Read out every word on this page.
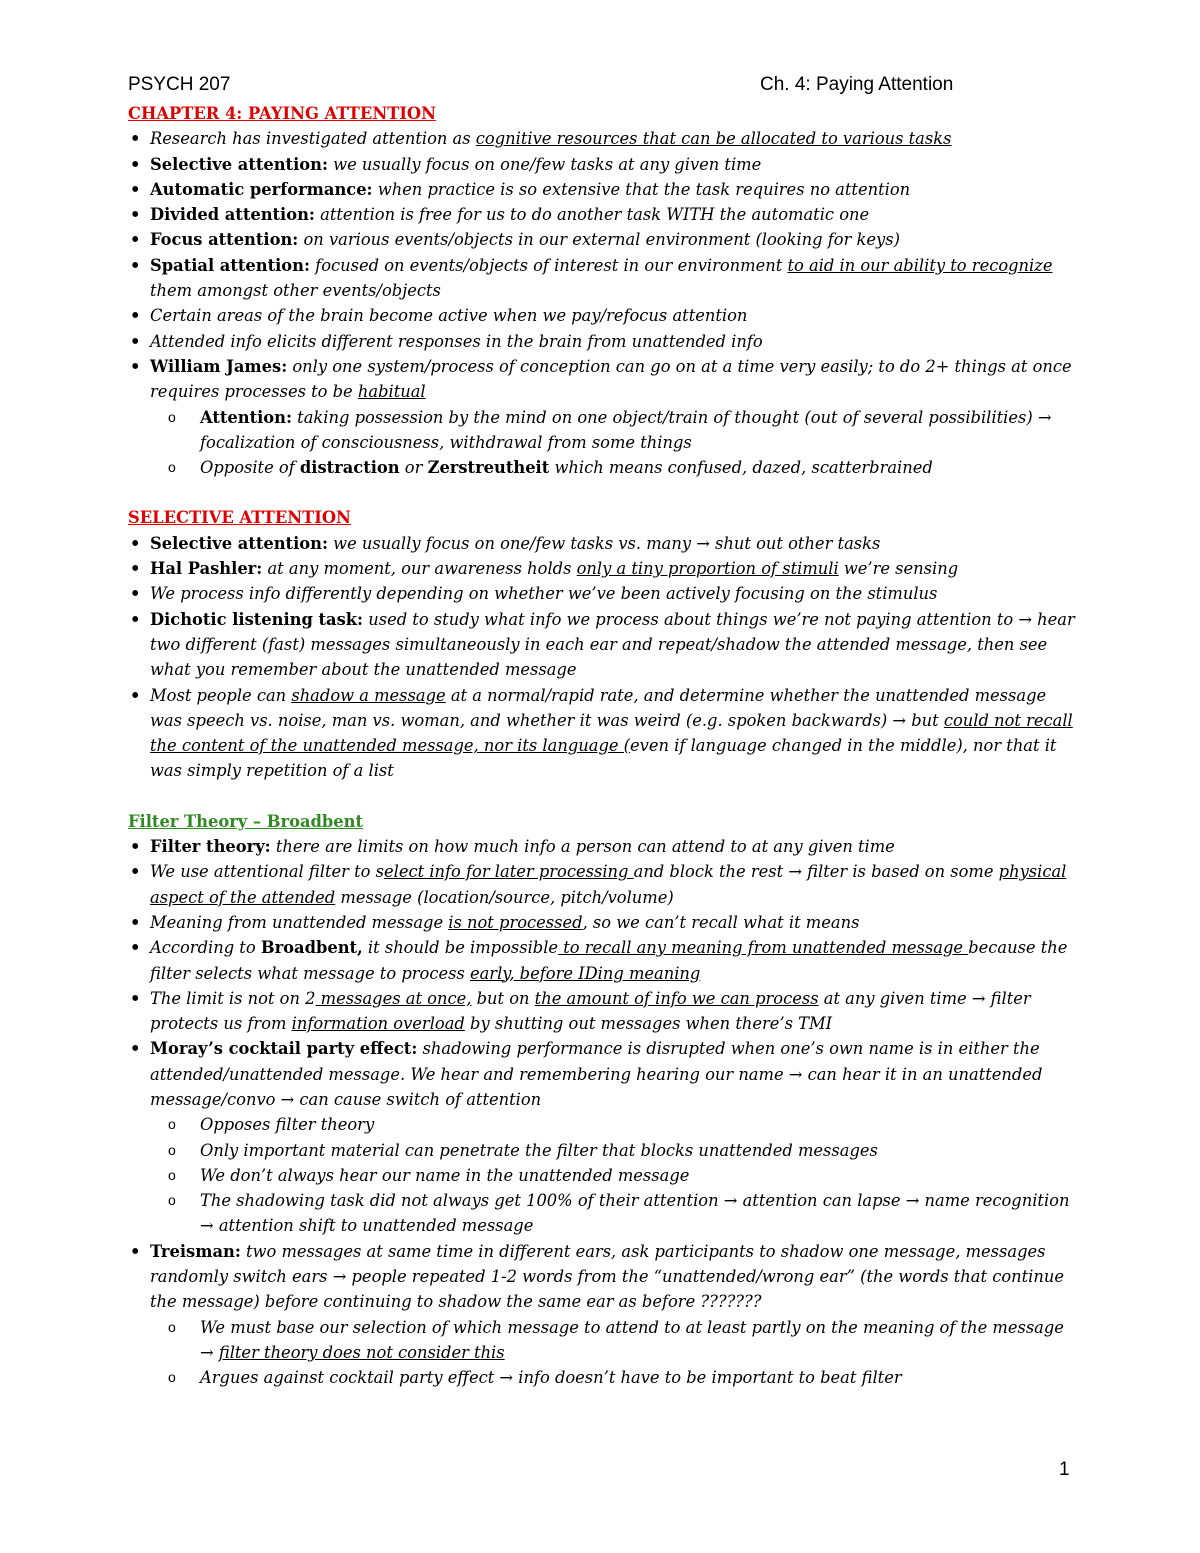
PSYCH 207	Ch. 4: Paying Attention
CHAPTER 4: PAYING ATTENTION
• Research has investigated attention as cognitive resources that can be allocated to various tasks
• Selective attention: we usually focus on one/few tasks at any given time
• Automatic performance: when practice is so extensive that the task requires no attention
• Divided attention: attention is free for us to do another task WITH the automatic one
• Focus attention: on various events/objects in our external environment (looking for keys)
• Spatial attention: focused on events/objects of interest in our environment to aid in our ability to recognize them amongst other events/objects
• Certain areas of the brain become active when we pay/refocus attention
• Attended info elicits different responses in the brain from unattended info
• William James: only one system/process of conception can go on at a time very easily; to do 2+ things at once requires processes to be habitual
o Attention: taking possession by the mind on one object/train of thought (out of several possibilities) → focalization of consciousness, withdrawal from some things
o Opposite of distraction or Zerstreutheit which means confused, dazed, scatterbrained
SELECTIVE ATTENTION
• Selective attention: we usually focus on one/few tasks vs. many → shut out other tasks
• Hal Pashler: at any moment, our awareness holds only a tiny proportion of stimuli we’re sensing
• We process info differently depending on whether we’ve been actively focusing on the stimulus
• Dichotic listening task: used to study what info we process about things we’re not paying attention to → hear two different (fast) messages simultaneously in each ear and repeat/shadow the attended message, then see what you remember about the unattended message
• Most people can shadow a message at a normal/rapid rate, and determine whether the unattended message was speech vs. noise, man vs. woman, and whether it was weird (e.g. spoken backwards) → but could not recall the content of the unattended message, nor its language (even if language changed in the middle), nor that it was simply repetition of a list
Filter Theory – Broadbent
• Filter theory: there are limits on how much info a person can attend to at any given time
• We use attentional filter to select info for later processing and block the rest → filter is based on some physical aspect of the attended message (location/source, pitch/volume)
• Meaning from unattended message is not processed, so we can’t recall what it means
• According to Broadbent, it should be impossible to recall any meaning from unattended message because the filter selects what message to process early, before IDing meaning
• The limit is not on 2 messages at once, but on the amount of info we can process at any given time → filter protects us from information overload by shutting out messages when there’s TMI
• Moray’s cocktail party effect: shadowing performance is disrupted when one’s own name is in either the attended/unattended message. We hear and remembering hearing our name → can hear it in an unattended message/convo → can cause switch of attention
o Opposes filter theory
o Only important material can penetrate the filter that blocks unattended messages
o We don’t always hear our name in the unattended message
o The shadowing task did not always get 100% of their attention → attention can lapse → name recognition → attention shift to unattended message
• Treisman: two messages at same time in different ears, ask participants to shadow one message, messages randomly switch ears → people repeated 1-2 words from the “unattended/wrong ear” (the words that continue the message) before continuing to shadow the same ear as before ???????
o We must base our selection of which message to attend to at least partly on the meaning of the message → filter theory does not consider this
o Argues against cocktail party effect → info doesn’t have to be important to beat filter
1
